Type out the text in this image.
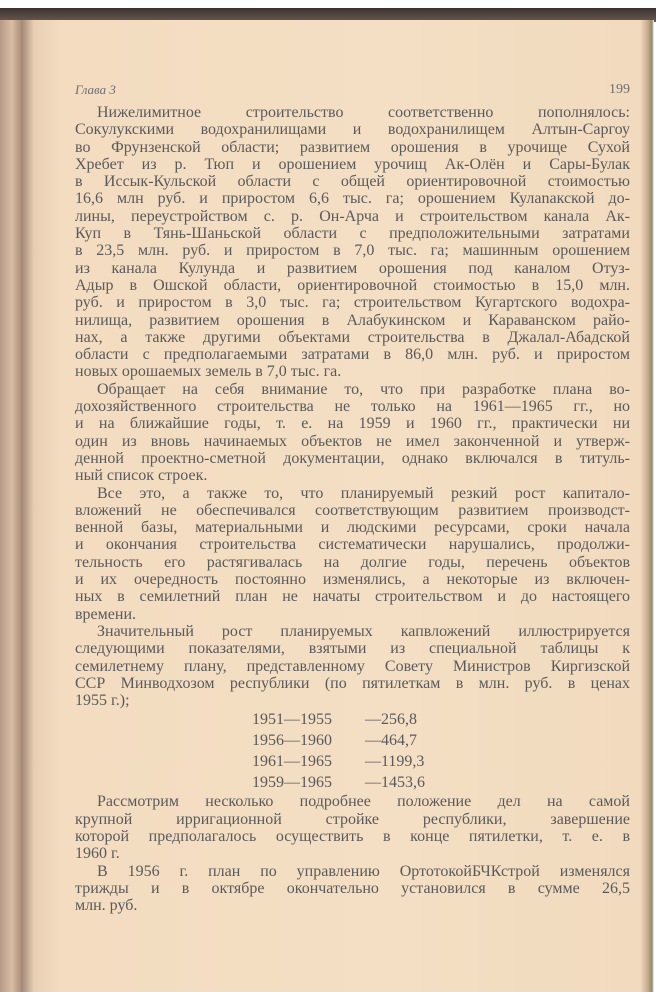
Глава 3	199
Нижелимитное строительство соответственно пополнялось:
Сокулукскими водохранилищами и водохранилищем Алтын-Саргоу
во Фрунзенской области; развитием орошения в урочище Сухой
Хребет из р. Тюп и орошением урочищ Ак-Олён и Сары-Булак
в Иссык-Кульской области с общей ориентировочной стоимостью
16,6 млн руб. и приростом 6,6 тыс. га; орошением Кулanакской до-
лины, переустройством с. р. Он-Арча и строительством канала Ак-
Куп в Тянь-Шаньской области с предположительными затратами
в 23,5 млн. руб. и приростом в 7,0 тыс. га; машинным орошением
из канала Кулунда и развитием орошения под каналом Отуз-
Адыр в Ошской области, ориентировочной стоимостью в 15,0 млн.
руб. и приростом в 3,0 тыс. га; строительством Кугартского водохра-
нилища, развитием орошения в Алабукинском и Караванском райо-
нах, а также другими объектами строительства в Джалал-Абадской
области с предполагаемыми затратами в 86,0 млн. руб. и приростом
новых орошаемых земель в 7,0 тыс. га.
Обращает на себя внимание то, что при разработке плана во-
дохозяйственного строительства не только на 1961—1965 гг., но
и на ближайшие годы, т. е. на 1959 и 1960 гг., практически ни
один из вновь начинаемых объектов не имел законченной и утверж-
денной проектно-сметной документации, однако включался в титуль-
ный список строек.
Все это, а также то, что планируемый резкий рост капитало-
вложений не обеспечивался соответствующим развитием производст-
венной базы, материальными и людскими ресурсами, сроки начала
и окончания строительства систематически нарушались, продолжи-
тельность его растягивалась на долгие годы, перечень объектов
и их очередность постоянно изменялись, а некоторые из включен-
ных в семилетний план не начаты строительством и до настоящего
времени.
Значительный рост планируемых капвложений иллюстрируется
следующими показателями, взятыми из специальной таблицы к
семилетнему плану, представленному Совету Министров Киргизской
ССР Минводхозом республики (по пятилеткам в млн. руб. в ценах
1955 г.);
1951—1955 —256,8
1956—1960 —464,7
1961—1965 —1199,3
1959—1965 —1453,6
Рассмотрим несколько подробнее положение дел на самой
крупной ирригационной стройке республики, завершение
которой предполагалось осуществить в конце пятилетки, т. е. в
1960 г.
В 1956 г. план по управлению ОртотокойБЧКстрой изменялся
трижды и в октябре окончательно установился в сумме 26,5
млн. руб.
